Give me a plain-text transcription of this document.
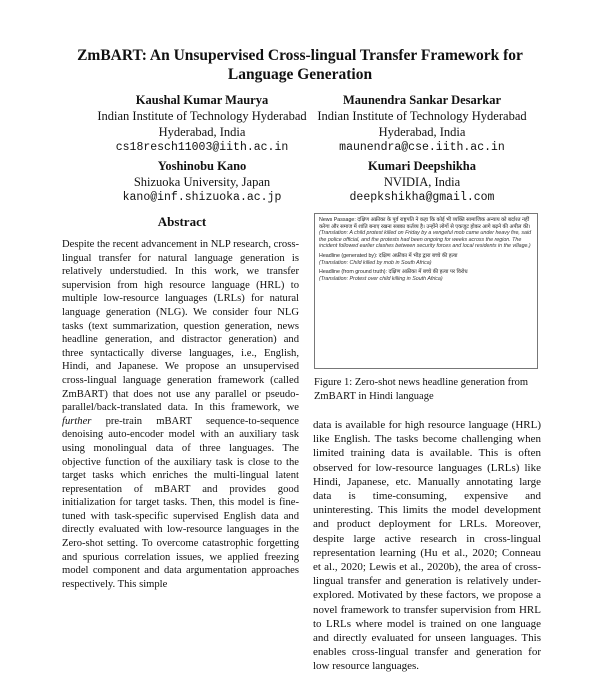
ZmBART: An Unsupervised Cross-lingual Transfer Framework for Language Generation
Kaushal Kumar Maurya
Indian Institute of Technology Hyderabad
Hyderabad, India
cs18resch11003@iith.ac.in
Maunendra Sankar Desarkar
Indian Institute of Technology Hyderabad
Hyderabad, India
maunendra@cse.iith.ac.in
Yoshinobu Kano
Shizuoka University, Japan
kano@inf.shizuoka.ac.jp
Kumari Deepshikha
NVIDIA, India
deepkshikha@gmail.com
Abstract
Despite the recent advancement in NLP research, cross-lingual transfer for natural language generation is relatively understudied. In this work, we transfer supervision from high resource language (HRL) to multiple low-resource languages (LRLs) for natural language generation (NLG). We consider four NLG tasks (text summarization, question generation, news headline generation, and distractor generation) and three syntactically diverse languages, i.e., English, Hindi, and Japanese. We propose an unsupervised cross-lingual language generation framework (called ZmBART) that does not use any parallel or pseudo-parallel/back-translated data. In this framework, we further pre-train mBART sequence-to-sequence denoising auto-encoder model with an auxiliary task using monolingual data of three languages. The objective function of the auxiliary task is close to the target tasks which enriches the multi-lingual latent representation of mBART and provides good initialization for target tasks. Then, this model is fine-tuned with task-specific supervised English data and directly evaluated with low-resource languages in the Zero-shot setting. To overcome catastrophic forgetting and spurious correlation issues, we applied freezing model component and data argumentation approaches respectively. This simple
News Passage: दक्षिण अफ्रीका के पूर्व राष्ट्रपति ने कहा कि कोई भी व्यक्ति सामाजिक अन्याय को बर्दाश्त नहीं करेगा और समाज में शांति बनाए रखना सबका कर्तव्य है। उन्होंने लोगों से एकजुट होकर आगे बढ़ने की अपील की।
(Translation: A child protest killed on Friday by a vengeful mob came under heavy fire, said the police official, and the protests had been ongoing for weeks across the region. The incident followed earlier clashes between security forces and local residents in the village.)
Headline (generated by): दक्षिण अफ्रीका में भीड़ द्वारा बच्चे की हत्या
(Translation: Child killed by mob in South Africa)
Headline (from ground truth): दक्षिण अफ्रीका में बच्चे की हत्या पर विरोध
(Translation: Protest over child killing in South Africa)
Figure 1: Zero-shot news headline generation from ZmBART in Hindi language
data is available for high resource language (HRL) like English. The tasks become challenging when limited training data is available. This is often observed for low-resource languages (LRLs) like Hindi, Japanese, etc. Manually annotating large data is time-consuming, expensive and uninteresting. This limits the model development and product deployment for LRLs. Moreover, despite large active research in cross-lingual representation learning (Hu et al., 2020; Conneau et al., 2020; Lewis et al., 2020b), the area of cross-lingual transfer and generation is relatively under-explored. Motivated by these factors, we propose a novel framework to transfer supervision from HRL to LRLs where model is trained on one language and directly evaluated for unseen languages. This enables cross-lingual transfer and generation for low resource languages.
